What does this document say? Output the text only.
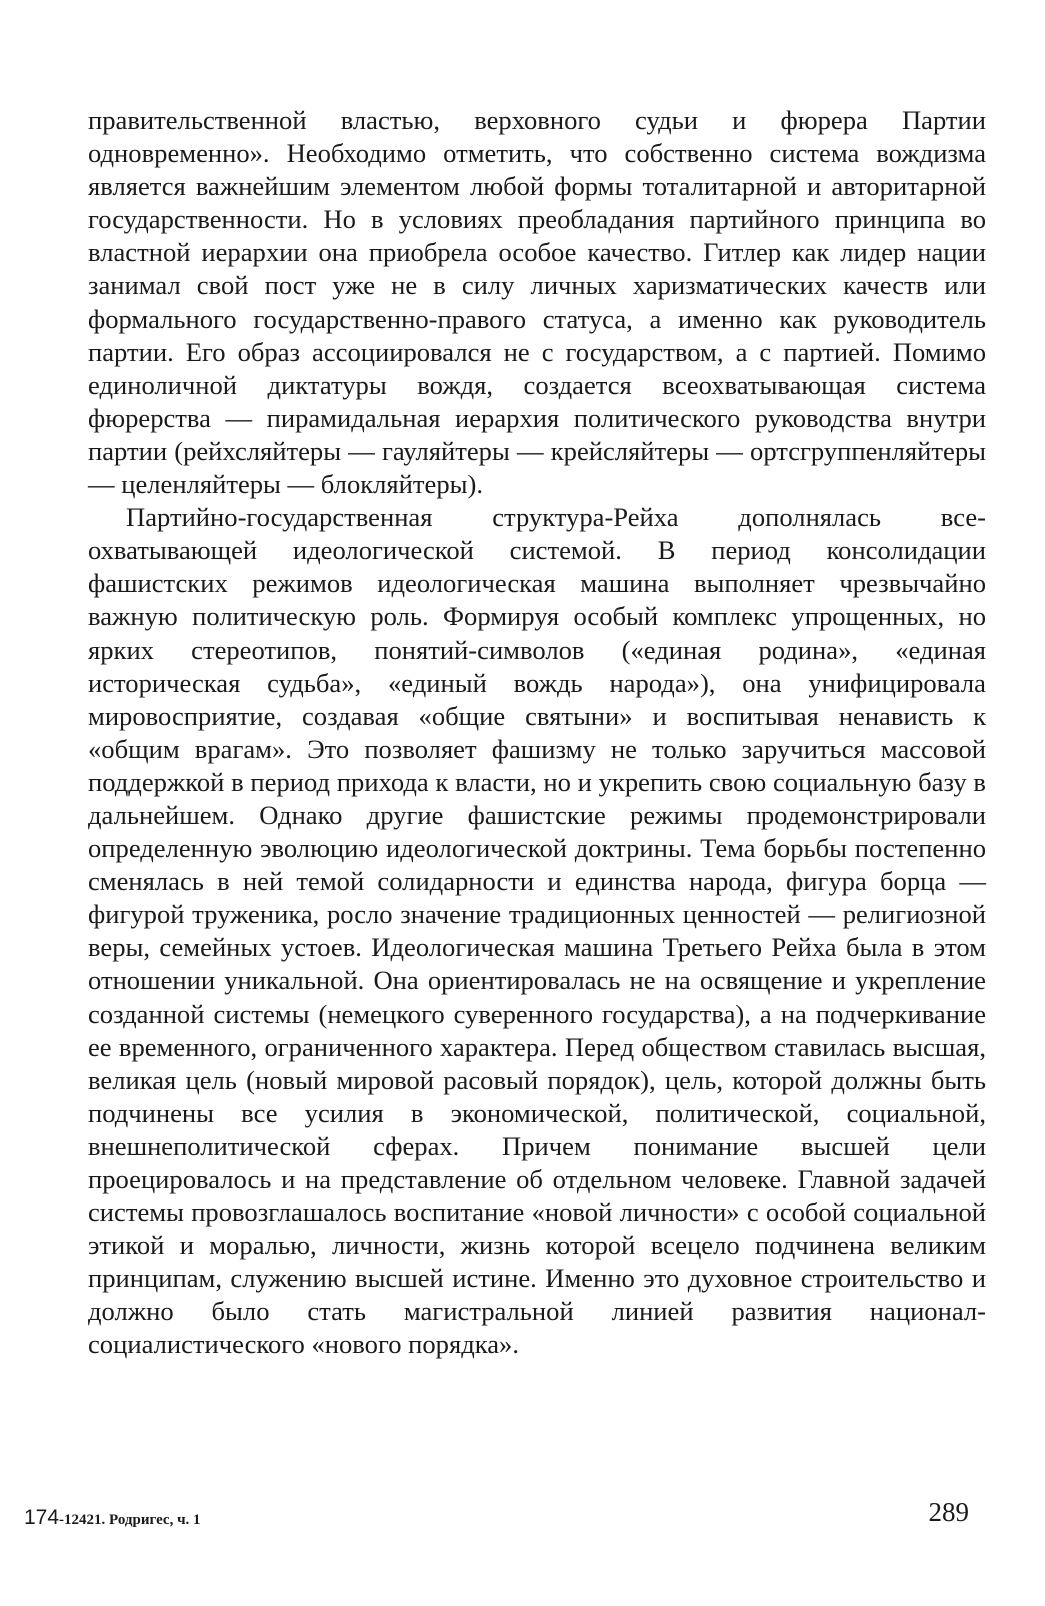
правительственной властью, верховного судьи и фюрера Партии одновременно». Необходимо отметить, что собственно система вождизма является важнейшим элементом любой формы тоталитарной и авторитарной государственности. Но в условиях преобладания партийного принципа во властной иерархии она приобрела особое качество. Гитлер как лидер нации занимал свой пост уже не в силу личных харизматических качеств или формального государственно-правого статуса, а именно как руководитель партии. Его образ ассоциировался не с государством, а с партией. Помимо единоличной диктатуры вождя, создается всеохватывающая система фюрерства — пирамидальная иерархия политического руководства внутри партии (рейхсляйтеры — гауляйтеры — крейсляйтеры — ортсгруппенляйтеры — целенляйтеры — блокляйтеры).

Партийно-государственная структура-Рейха дополнялась всеохватывающей идеологической системой. В период консолидации фашистских режимов идеологическая машина выполняет чрезвычайно важную политическую роль. Формируя особый комплекс упрощенных, но ярких стереотипов, понятий-символов («единая родина», «единая историческая судьба», «единый вождь народа»), она унифицировала мировосприятие, создавая «общие святыни» и воспитывая ненависть к «общим врагам». Это позволяет фашизму не только заручиться массовой поддержкой в период прихода к власти, но и укрепить свою социальную базу в дальнейшем. Однако другие фашистские режимы продемонстрировали определенную эволюцию идеологической доктрины. Тема борьбы постепенно сменялась в ней темой солидарности и единства народа, фигура борца — фигурой труженика, росло значение традиционных ценностей — религиозной веры, семейных устоев. Идеологическая машина Третьего Рейха была в этом отношении уникальной. Она ориентировалась не на освящение и укрепление созданной системы (немецкого суверенного государства), а на подчеркивание ее временного, ограниченного характера. Перед обществом ставилась высшая, великая цель (новый мировой расовый порядок), цель, которой должны быть подчинены все усилия в экономической, политической, социальной, внешнеполитической сферах. Причем понимание высшей цели проецировалось и на представление об отдельном человеке. Главной задачей системы провозглашалось воспитание «новой личности» с особой социальной этикой и моралью, личности, жизнь которой всецело подчинена великим принципам, служению высшей истине. Именно это духовное строительство и должно было стать магистральной линией развития национал-социалистического «нового порядка».

174-12421. Родригес, ч. 1	289
